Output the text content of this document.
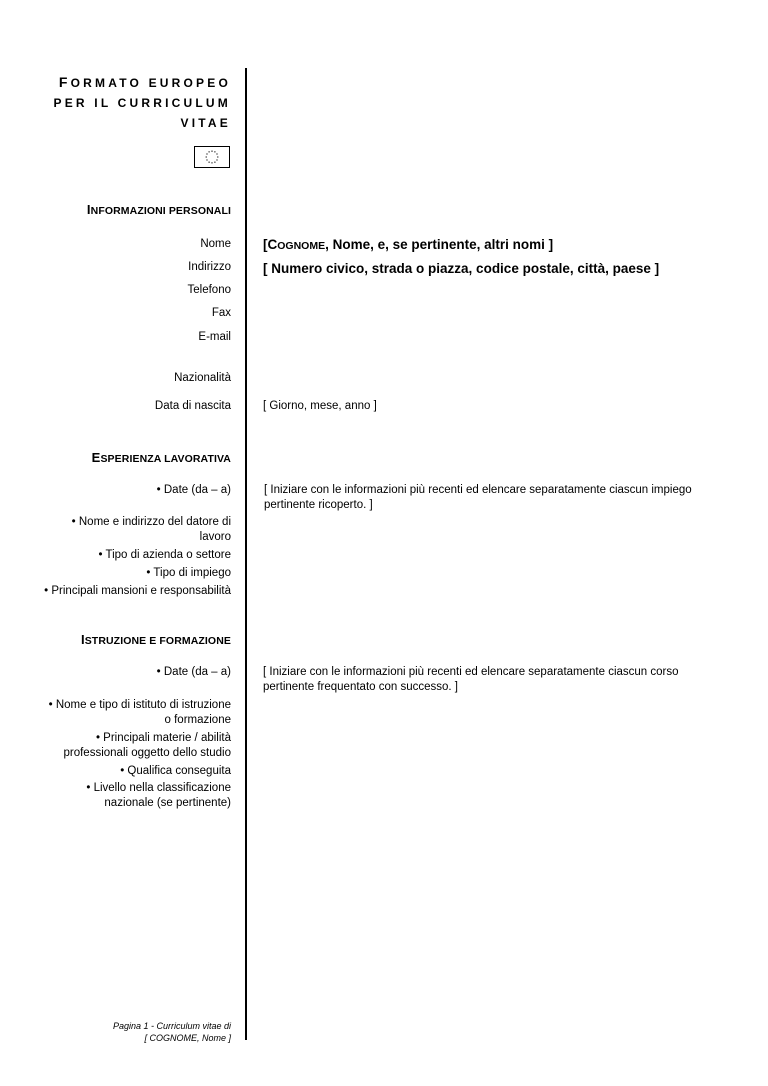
FORMATO EUROPEO
PER IL CURRICULUM
VITAE
INFORMAZIONI PERSONALI
Nome [COGNOME, Nome, e, se pertinente, altri nomi ]
Indirizzo [ Numero civico, strada o piazza, codice postale, città, paese ]
Telefono
Fax
E-mail
Nazionalità
Data di nascita	[ Giorno, mese, anno ]
ESPERIENZA LAVORATIVA
• Date (da – a)	[ Iniziare con le informazioni più recenti ed elencare separatamente ciascun impiego pertinente ricoperto. ]
• Nome e indirizzo del datore di
lavoro
• Tipo di azienda o settore
• Tipo di impiego
• Principali mansioni e responsabilità
ISTRUZIONE E FORMAZIONE
• Date (da – a)	[ Iniziare con le informazioni più recenti ed elencare separatamente ciascun corso pertinente frequentato con successo. ]
• Nome e tipo di istituto di istruzione
o formazione
• Principali materie / abilità
professionali oggetto dello studio
• Qualifica conseguita
• Livello nella classificazione
nazionale (se pertinente)
Pagina 1 - Curriculum vitae di
[ COGNOME, Nome ]
